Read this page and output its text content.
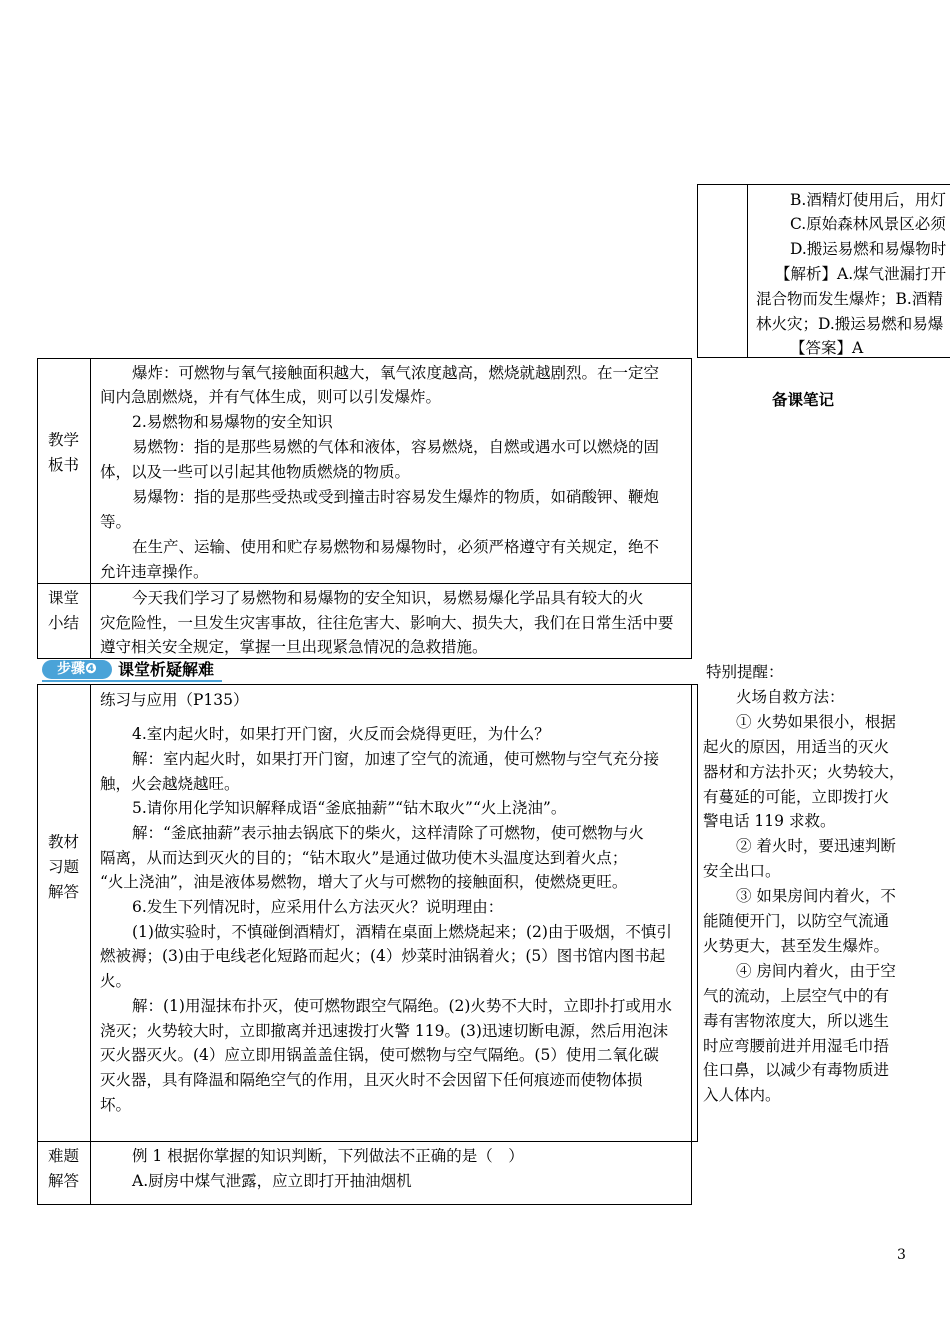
B.酒精灯使用后，用灯
C.原始森林风景区必须
D.搬运易燃和易爆物时
【解析】A.煤气泄漏打开
混合物而发生爆炸；B.酒精
林火灾；D.搬运易燃和易爆
【答案】A
备课笔记
特别提醒：
火场自救方法：
① 火势如果很小，根据
起火的原因，用适当的灭火
器材和方法扑灭；火势较大，
有蔓延的可能，立即拨打火
警电话 119 求救。
② 着火时，要迅速判断
安全出口。
③ 如果房间内着火，不
能随便开门，以防空气流通
火势更大，甚至发生爆炸。
④ 房间内着火，由于空
气的流动，上层空气中的有
毒有害物浓度大，所以逃生
时应弯腰前进并用湿毛巾捂
住口鼻，以减少有毒物质进
入人体内。
教学
板书
爆炸：可燃物与氧气接触面积越大，氧气浓度越高，燃烧就越剧烈。在一定空
间内急剧燃烧，并有气体生成，则可以引发爆炸。
2.易燃物和易爆物的安全知识
易燃物：指的是那些易燃的气体和液体，容易燃烧，自燃或遇水可以燃烧的固
体，以及一些可以引起其他物质燃烧的物质。
易爆物：指的是那些受热或受到撞击时容易发生爆炸的物质，如硝酸钾、鞭炮
等。
在生产、运输、使用和贮存易燃物和易爆物时，必须严格遵守有关规定，绝不
允许违章操作。
课堂
小结
今天我们学习了易燃物和易爆物的安全知识，易燃易爆化学品具有较大的火
灾危险性，一旦发生灾害事故，往往危害大、影响大、损失大，我们在日常生活中要
遵守相关安全规定，掌握一旦出现紧急情况的急救措施。
步骤❹	课堂析疑解难
教材
习题
解答
练习与应用（P135）
4.室内起火时，如果打开门窗，火反而会烧得更旺，为什么？
解：室内起火时，如果打开门窗，加速了空气的流通，使可燃物与空气充分接
触，火会越烧越旺。
5.请你用化学知识解释成语“釜底抽薪”“钻木取火”“火上浇油”。
解：“釜底抽薪”表示抽去锅底下的柴火，这样清除了可燃物，使可燃物与火
隔离，从而达到灭火的目的；“钻木取火”是通过做功使木头温度达到着火点；
“火上浇油”，油是液体易燃物，增大了火与可燃物的接触面积，使燃烧更旺。
6.发生下列情况时，应采用什么方法灭火？说明理由：
(1)做实验时，不慎碰倒酒精灯，酒精在桌面上燃烧起来；(2)由于吸烟，不慎引
燃被褥；(3)由于电线老化短路而起火；(4）炒菜时油锅着火；(5）图书馆内图书起
火。
解：(1)用湿抹布扑灭，使可燃物跟空气隔绝。(2)火势不大时，立即扑打或用水
浇灭；火势较大时，立即撤离并迅速拨打火警 119。(3)迅速切断电源，然后用泡沫
灭火器灭火。(4）应立即用锅盖盖住锅，使可燃物与空气隔绝。(5）使用二氧化碳
灭火器，具有降温和隔绝空气的作用，且灭火时不会因留下任何痕迹而使物体损
坏。
难题
解答
例 1 根据你掌握的知识判断，下列做法不正确的是（　）
A.厨房中煤气泄露，应立即打开抽油烟机
3
